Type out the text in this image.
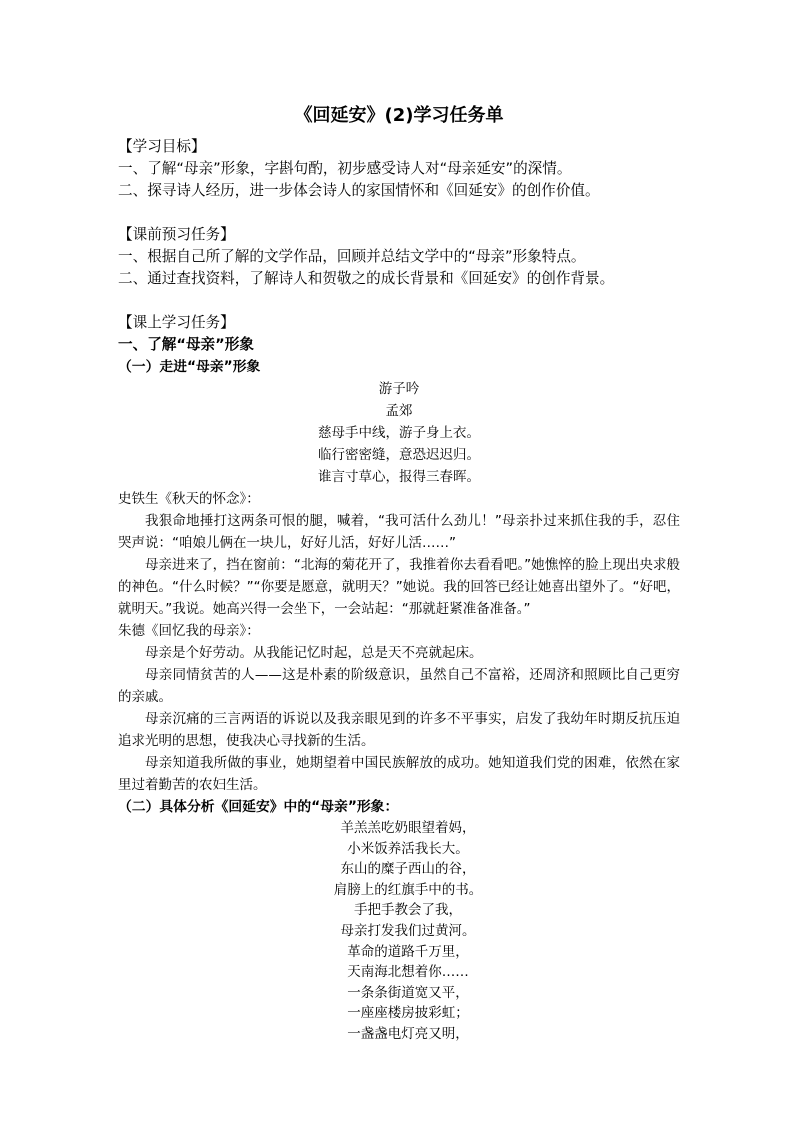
《回延安》(2)学习任务单
【学习目标】
一、了解“母亲”形象，字斟句酌，初步感受诗人对“母亲延安”的深情。
二、探寻诗人经历，进一步体会诗人的家国情怀和《回延安》的创作价值。
【课前预习任务】
一、根据自己所了解的文学作品，回顾并总结文学中的“母亲”形象特点。
二、通过查找资料，了解诗人和贺敬之的成长背景和《回延安》的创作背景。
【课上学习任务】
一、了解“母亲”形象
（一）走进“母亲”形象
游子吟
孟郊
慈母手中线，游子身上衣。
临行密密缝，意恐迟迟归。
谁言寸草心，报得三春晖。

史铁生《秋天的怀念》：

我狠命地捶打这两条可恨的腿，喊着，“我可活什么劲儿！”母亲扑过来抓住我的手，忍住哭声说：“咱娘儿俩在一块儿，好好儿活，好好儿活……”

母亲进来了，挡在窗前：“北海的菊花开了，我推着你去看看吧。”她憔悴的脸上现出央求般的神色。“什么时候？”“你要是愿意，就明天？”她说。我的回答已经让她喜出望外了。“好吧，就明天。”我说。她高兴得一会坐下，一会站起：“那就赶紧准备准备。”

朱德《回忆我的母亲》：

母亲是个好劳动。从我能记忆时起，总是天不亮就起床。

母亲同情贫苦的人——这是朴素的阶级意识，虽然自己不富裕，还周济和照顾比自己更穷的亲戚。

母亲沉痛的三言两语的诉说以及我亲眼见到的许多不平事实，启发了我幼年时期反抗压迫追求光明的思想，使我决心寻找新的生活。

母亲知道我所做的事业，她期望着中国民族解放的成功。她知道我们党的困难，依然在家里过着勤苦的农妇生活。

（二）具体分析《回延安》中的“母亲”形象：
羊羔羔吃奶眼望着妈，
小米饭养活我长大。
东山的糜子西山的谷，
肩膀上的红旗手中的书。
手把手教会了我，
母亲打发我们过黄河。
革命的道路千万里，
天南海北想着你……
一条条街道宽又平，
一座座楼房披彩虹；
一盏盏电灯亮又明，
